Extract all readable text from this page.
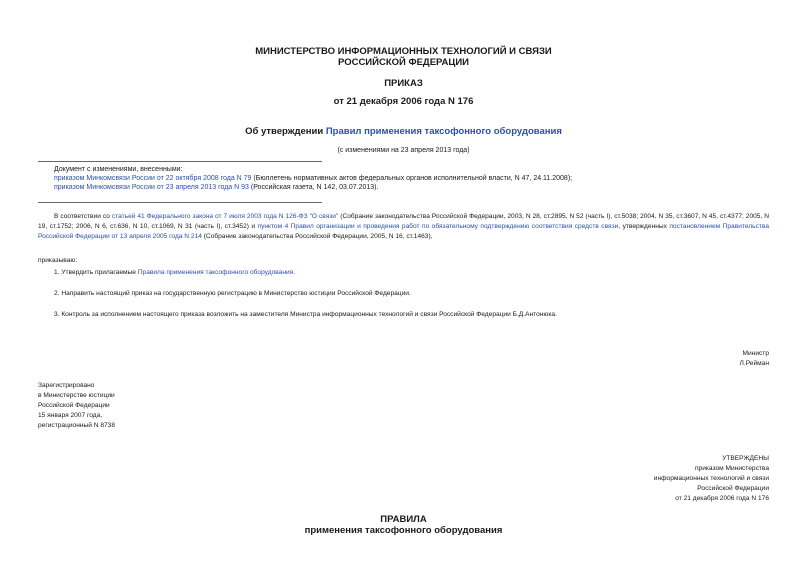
МИНИСТЕРСТВО ИНФОРМАЦИОННЫХ ТЕХНОЛОГИЙ И СВЯЗИ
РОССИЙСКОЙ ФЕДЕРАЦИИ
ПРИКАЗ
от 21 декабря 2006 года N 176
Об утверждении Правил применения таксофонного оборудования
(с изменениями на 23 апреля 2013 года)
Документ с изменениями, внесенными:
приказом Минкомсвязи России от 22 октября 2008 года N 79 (Бюллетень нормативных актов федеральных органов исполнительной власти, N 47, 24.11.2008);
приказом Минкомсвязи России от 23 апреля 2013 года N 93 (Российская газета, N 142, 03.07.2013).
В соответствии со статьей 41 Федерального закона от 7 июля 2003 года N 126-ФЗ "О связи" (Собрание законодательства Российской Федерации, 2003, N 28, ст.2895, N 52 (часть I), ст.5038; 2004, N 35, ст.3607, N 45, ст.4377; 2005, N 19, ст.1752; 2006, N 6, ст.636, N 10, ст.1069, N 31 (часть I), ст.3452) и пунктом 4 Правил организации и проведения работ по обязательному подтверждению соответствия средств связи, утвержденных постановлением Правительства Российской Федерации от 13 апреля 2005 года N 214 (Собрание законодательства Российской Федерации, 2005, N 16, ст.1463),
приказываю:
1. Утвердить прилагаемые Правила применения таксофонного оборудования.
2. Направить настоящий приказ на государственную регистрацию в Министерство юстиции Российской Федерации.
3. Контроль за исполнением настоящего приказа возложить на заместителя Министра информационных технологий и связи Российской Федерации Б.Д.Антонюка.
Министр
Л.Рейман
Зарегистрировано
в Министерстве юстиции
Российской Федерации
15 января 2007 года,
регистрационный N 8738
УТВЕРЖДЕНЫ
приказом Министерства
информационных технологий и связи
Российской Федерации
от 21 декабря 2006 года N 176
ПРАВИЛА
применения таксофонного оборудования
